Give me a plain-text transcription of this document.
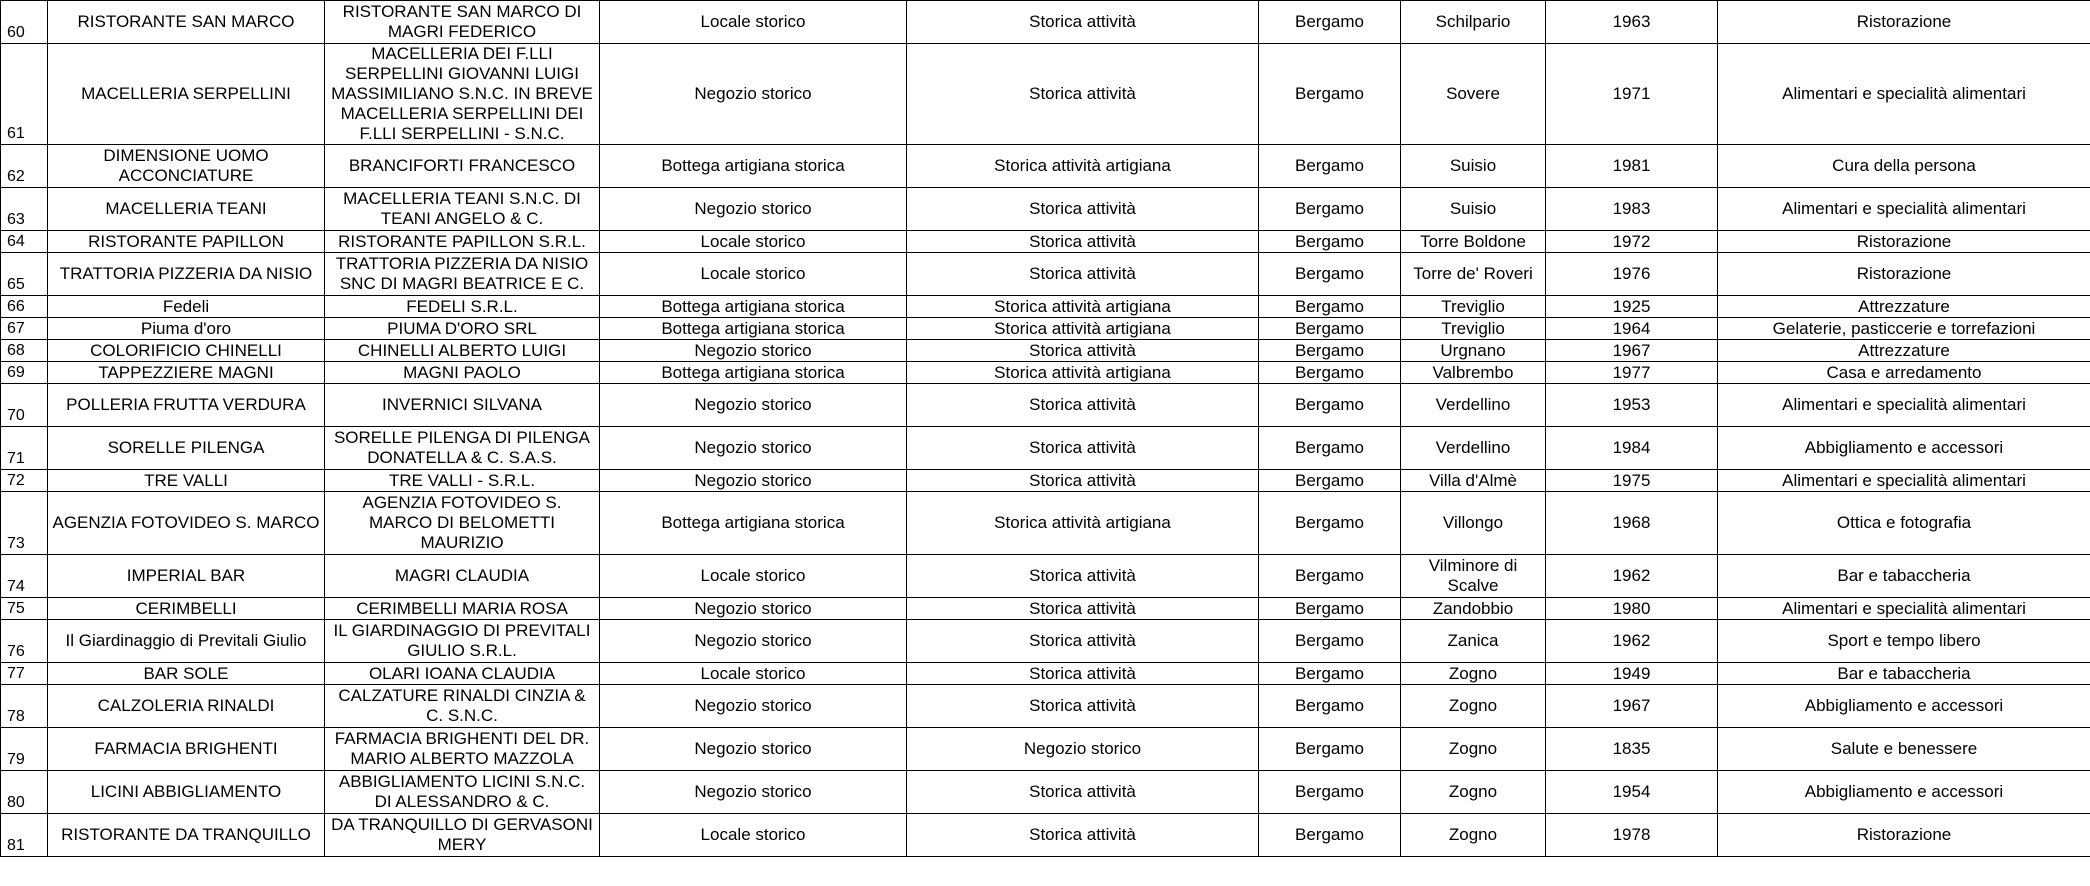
60	RISTORANTE SAN MARCO	RISTORANTE SAN MARCO DI MAGRI FEDERICO	Locale storico	Storica attività	Bergamo	Schilpario	1963	Ristorazione
61	MACELLERIA SERPELLINI	MACELLERIA DEI F.LLI SERPELLINI GIOVANNI LUIGI MASSIMILIANO S.N.C. IN BREVE MACELLERIA SERPELLINI DEI F.LLI SERPELLINI - S.N.C.	Negozio storico	Storica attività	Bergamo	Sovere	1971	Alimentari e specialità alimentari
62	DIMENSIONE UOMO ACCONCIATURE	BRANCIFORTI FRANCESCO	Bottega artigiana storica	Storica attività artigiana	Bergamo	Suisio	1981	Cura della persona
63	MACELLERIA TEANI	MACELLERIA TEANI S.N.C. DI TEANI ANGELO & C.	Negozio storico	Storica attività	Bergamo	Suisio	1983	Alimentari e specialità alimentari
64	RISTORANTE PAPILLON	RISTORANTE PAPILLON S.R.L.	Locale storico	Storica attività	Bergamo	Torre Boldone	1972	Ristorazione
65	TRATTORIA PIZZERIA DA NISIO	TRATTORIA PIZZERIA DA NISIO SNC DI MAGRI BEATRICE E C.	Locale storico	Storica attività	Bergamo	Torre de' Roveri	1976	Ristorazione
66	Fedeli	FEDELI S.R.L.	Bottega artigiana storica	Storica attività artigiana	Bergamo	Treviglio	1925	Attrezzature
67	Piuma d'oro	PIUMA D'ORO SRL	Bottega artigiana storica	Storica attività artigiana	Bergamo	Treviglio	1964	Gelaterie, pasticcerie e torrefazioni
68	COLORIFICIO CHINELLI	CHINELLI ALBERTO LUIGI	Negozio storico	Storica attività	Bergamo	Urgnano	1967	Attrezzature
69	TAPPEZZIERE MAGNI	MAGNI PAOLO	Bottega artigiana storica	Storica attività artigiana	Bergamo	Valbrembo	1977	Casa e arredamento
70	POLLERIA FRUTTA VERDURA	INVERNICI SILVANA	Negozio storico	Storica attività	Bergamo	Verdellino	1953	Alimentari e specialità alimentari
71	SORELLE PILENGA	SORELLE PILENGA DI PILENGA DONATELLA & C. S.A.S.	Negozio storico	Storica attività	Bergamo	Verdellino	1984	Abbigliamento e accessori
72	TRE VALLI	TRE VALLI - S.R.L.	Negozio storico	Storica attività	Bergamo	Villa d'Almè	1975	Alimentari e specialità alimentari
73	AGENZIA FOTOVIDEO S. MARCO	AGENZIA FOTOVIDEO S. MARCO DI BELOMETTI MAURIZIO	Bottega artigiana storica	Storica attività artigiana	Bergamo	Villongo	1968	Ottica e fotografia
74	IMPERIAL BAR	MAGRI CLAUDIA	Locale storico	Storica attività	Bergamo	Vilminore di Scalve	1962	Bar e tabaccheria
75	CERIMBELLI	CERIMBELLI MARIA ROSA	Negozio storico	Storica attività	Bergamo	Zandobbio	1980	Alimentari e specialità alimentari
76	Il Giardinaggio di Previtali Giulio	IL GIARDINAGGIO DI PREVITALI GIULIO S.R.L.	Negozio storico	Storica attività	Bergamo	Zanica	1962	Sport e tempo libero
77	BAR SOLE	OLARI IOANA CLAUDIA	Locale storico	Storica attività	Bergamo	Zogno	1949	Bar e tabaccheria
78	CALZOLERIA RINALDI	CALZATURE RINALDI CINZIA & C. S.N.C.	Negozio storico	Storica attività	Bergamo	Zogno	1967	Abbigliamento e accessori
79	FARMACIA BRIGHENTI	FARMACIA BRIGHENTI DEL DR. MARIO ALBERTO MAZZOLA	Negozio storico	Negozio storico	Bergamo	Zogno	1835	Salute e benessere
80	LICINI ABBIGLIAMENTO	ABBIGLIAMENTO LICINI S.N.C. DI ALESSANDRO & C.	Negozio storico	Storica attività	Bergamo	Zogno	1954	Abbigliamento e accessori
81	RISTORANTE DA TRANQUILLO	DA TRANQUILLO DI GERVASONI MERY	Locale storico	Storica attività	Bergamo	Zogno	1978	Ristorazione
